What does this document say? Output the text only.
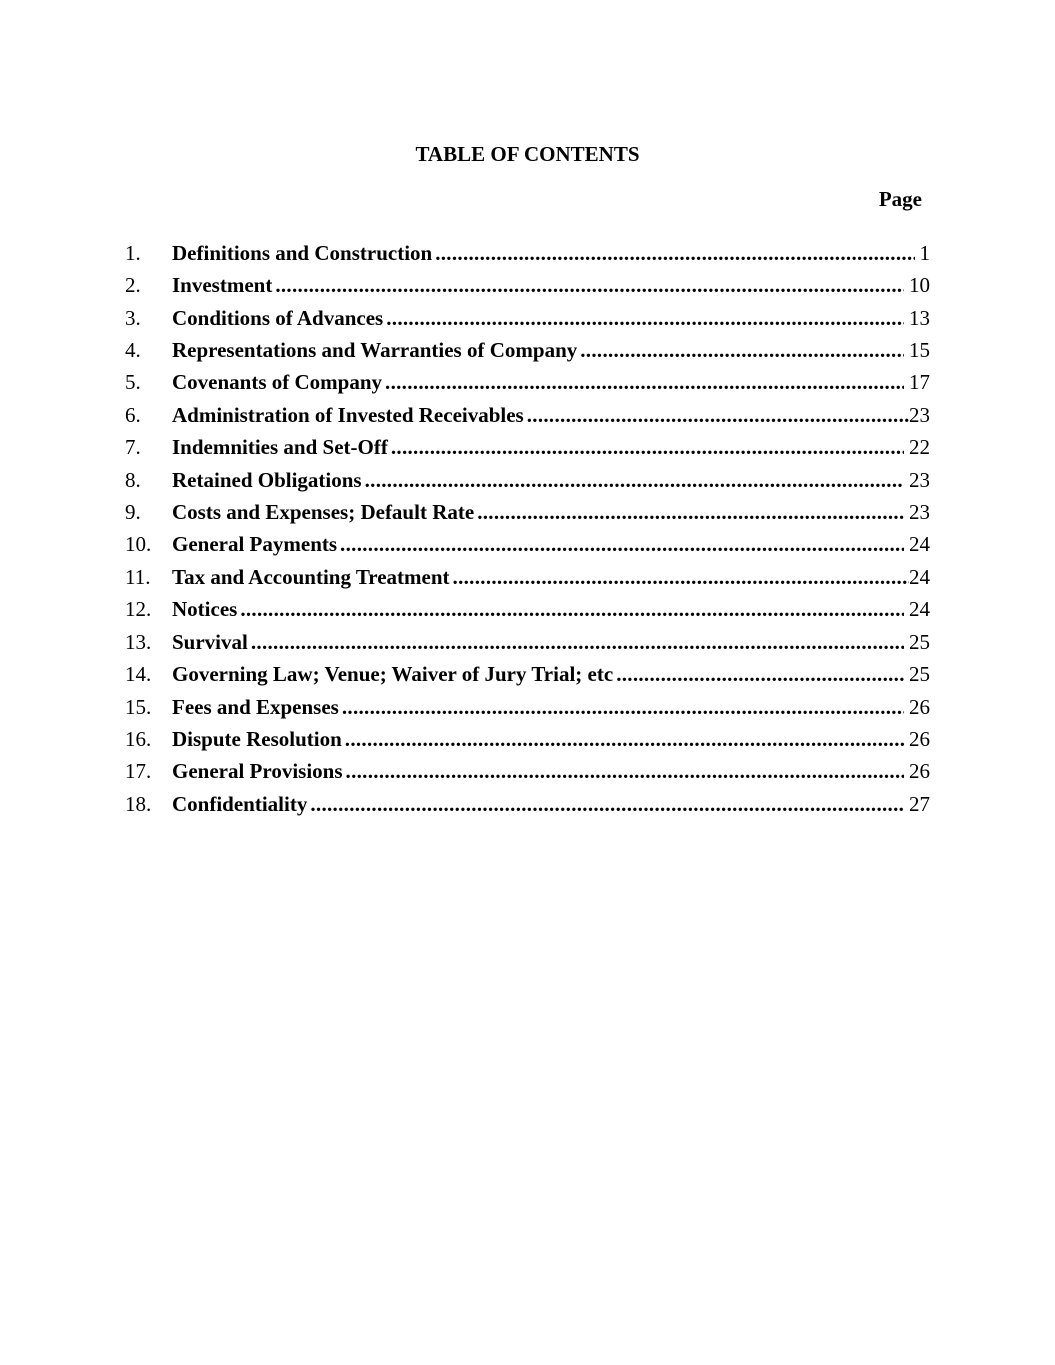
TABLE OF CONTENTS
Page
1.	Definitions and Construction .....	1
2.	Investment .....	10
3.	Conditions of Advances .....	13
4.	Representations and Warranties of Company .....	15
5.	Covenants of Company .....	17
6.	Administration of Invested Receivables .....	23
7.	Indemnities and Set-Off .....	22
8.	Retained Obligations .....	23
9.	Costs and Expenses; Default Rate .....	23
10. General Payments .....	24
11.	Tax and Accounting Treatment .....	24
12. Notices .....	24
13. Survival .....	25
14. Governing Law; Venue; Waiver of Jury Trial; etc .....	25
15. Fees and Expenses .....	26
16. Dispute Resolution .....	26
17. General Provisions .....	26
18. Confidentiality .....	27
